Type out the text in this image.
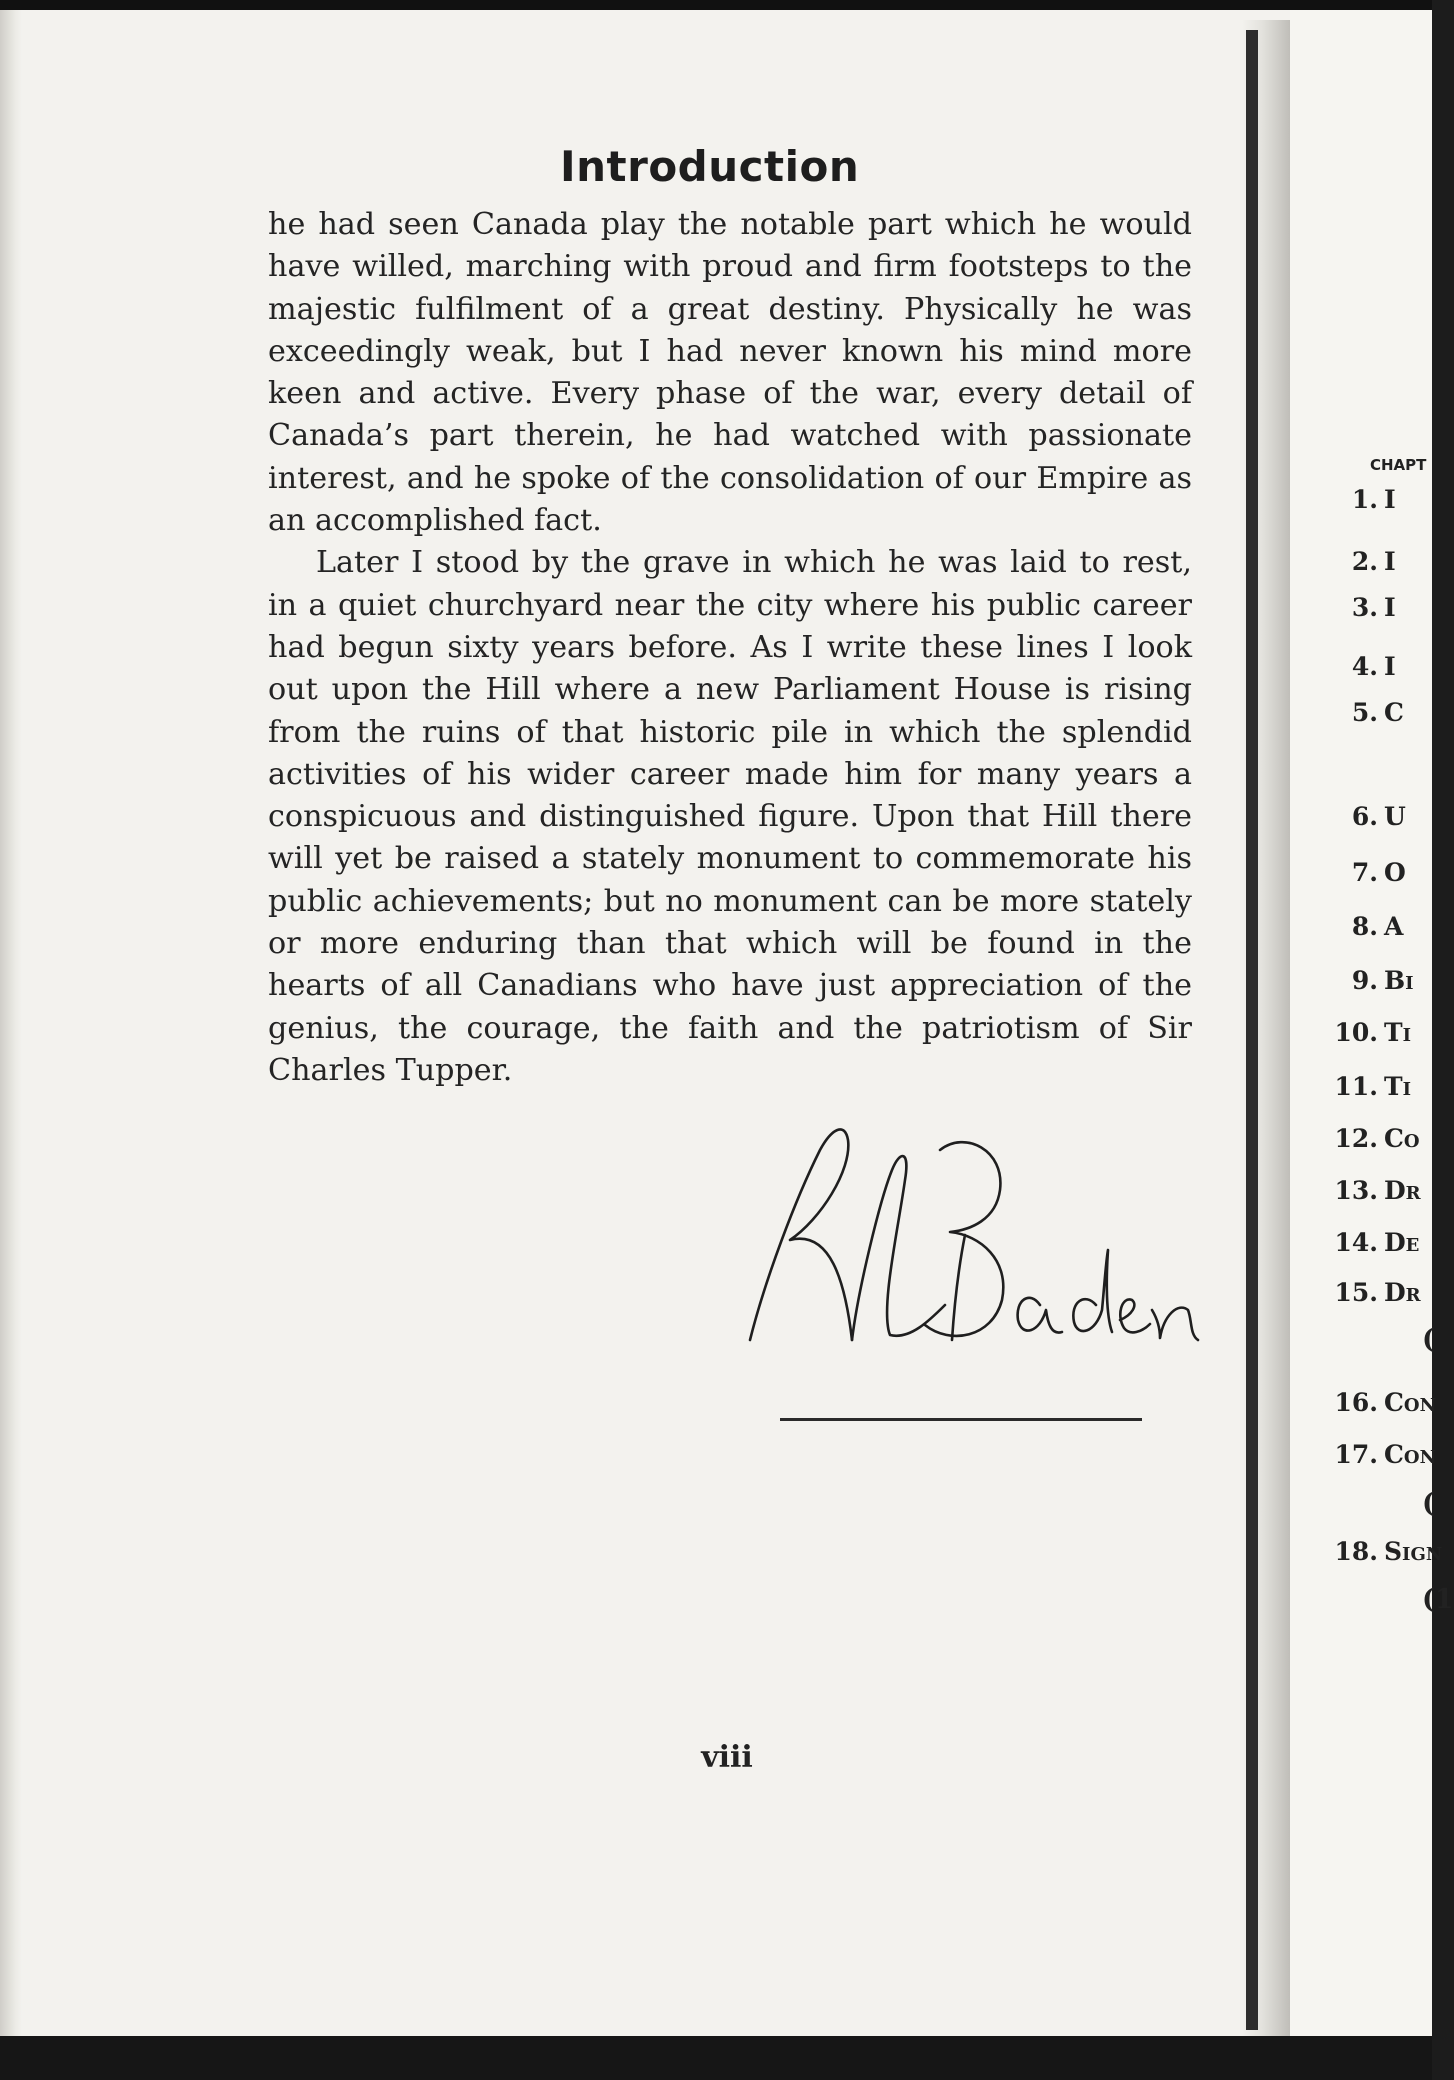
Introduction

he had seen Canada play the notable part which he would have willed, marching with proud and firm footsteps to the majestic fulfilment of a great destiny. Physically he was exceedingly weak, but I had never known his mind more keen and active. Every phase of the war, every detail of Canada’s part therein, he had watched with passionate interest, and he spoke of the consolidation of our Empire as an accomplished fact.

Later I stood by the grave in which he was laid to rest, in a quiet churchyard near the city where his public career had begun sixty years before. As I write these lines I look out upon the Hill where a new Parliament House is rising from the ruins of that historic pile in which the splendid activities of his wider career made him for many years a conspicuous and distinguished figure. Upon that Hill there will yet be raised a stately monument to commemorate his public achievements; but no monument can be more stately or more enduring than that which will be found in the hearts of all Canadians who have just appreciation of the genius, the courage, the faith and the patriotism of Sir Charles Tupper.

viii
CHAPT
1. I
2. I
3. I
4. I
5. C
6. U
7. O
8. A
9. Bi
10. Ti
11. Ti
12. Co
13. Dr
14. De
15. Dr
16. Con
17. Con
18. Sign
(
(
(1
